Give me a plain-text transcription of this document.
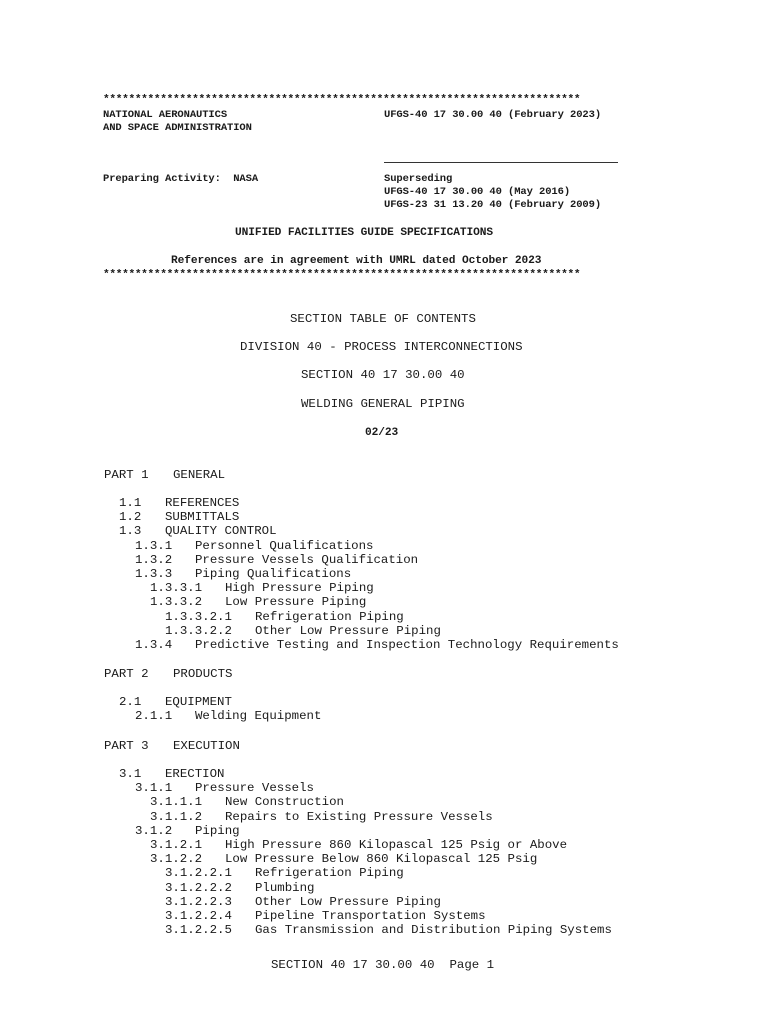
***************************************************************************
NATIONAL AERONAUTICS
AND SPACE ADMINISTRATION
UFGS-40 17 30.00 40 (February 2023)
Preparing Activity:  NASA	Superseding
UFGS-40 17 30.00 40 (May 2016)
UFGS-23 31 13.20 40 (February 2009)
UNIFIED FACILITIES GUIDE SPECIFICATIONS
References are in agreement with UMRL dated October 2023
***************************************************************************
SECTION TABLE OF CONTENTS
DIVISION 40 - PROCESS INTERCONNECTIONS
SECTION 40 17 30.00 40
WELDING GENERAL PIPING
02/23
PART 1 GENERAL
1.1 REFERENCES
1.2 SUBMITTALS
1.3 QUALITY CONTROL
1.3.1 Personnel Qualifications
1.3.2 Pressure Vessels Qualification
1.3.3 Piping Qualifications
1.3.3.1 High Pressure Piping
1.3.3.2 Low Pressure Piping
1.3.3.2.1 Refrigeration Piping
1.3.3.2.2 Other Low Pressure Piping
1.3.4 Predictive Testing and Inspection Technology Requirements
PART 2 PRODUCTS
2.1 EQUIPMENT
2.1.1 Welding Equipment
PART 3 EXECUTION
3.1 ERECTION
3.1.1 Pressure Vessels
3.1.1.1 New Construction
3.1.1.2 Repairs to Existing Pressure Vessels
3.1.2 Piping
3.1.2.1 High Pressure 860 Kilopascal 125 Psig or Above
3.1.2.2 Low Pressure Below 860 Kilopascal 125 Psig
3.1.2.2.1 Refrigeration Piping
3.1.2.2.2 Plumbing
3.1.2.2.3 Other Low Pressure Piping
3.1.2.2.4 Pipeline Transportation Systems
3.1.2.2.5 Gas Transmission and Distribution Piping Systems
SECTION 40 17 30.00 40  Page 1
